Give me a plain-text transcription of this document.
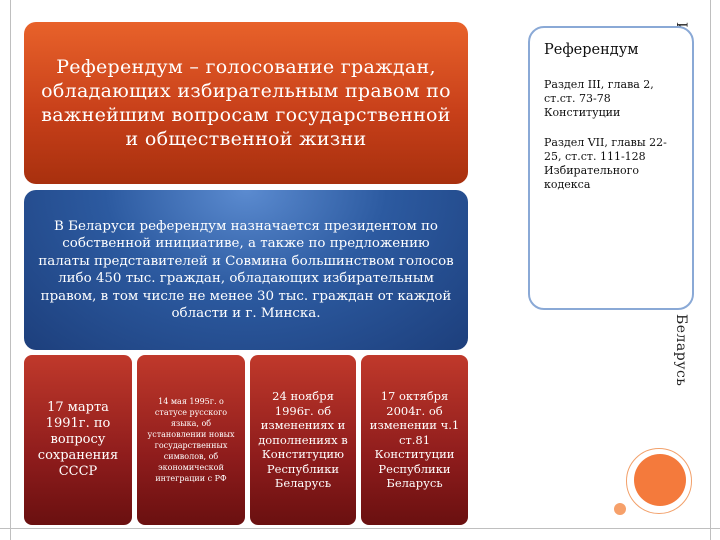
Референдум – голосование граждан, обладающих избирательным правом по важнейшим вопросам государственной и общественной жизни
В Беларуси референдум назначается президентом по собственной инициативе, а также по предложению палаты представителей и Совмина большинством голосов либо 450 тыс. граждан, обладающих избирательным правом, в том числе не менее 30 тыс. граждан от каждой области и г. Минска.
17 марта 1991г. по вопросу сохранения СССР
14 мая 1995г. о статусе русского языка, об установлении новых государственных символов, об экономической интеграции с РФ
24 ноября 1996г. об изменениях и дополнениях в Конституцию Республики Беларусь
17 октября 2004г. об изменении ч.1 ст.81 Конституции Республики Беларусь
Референдум
Раздел III, глава 2, ст.ст. 73-78 Конституции
Раздел VII, главы 22-25, ст.ст. 111-128 Избирательного кодекса
